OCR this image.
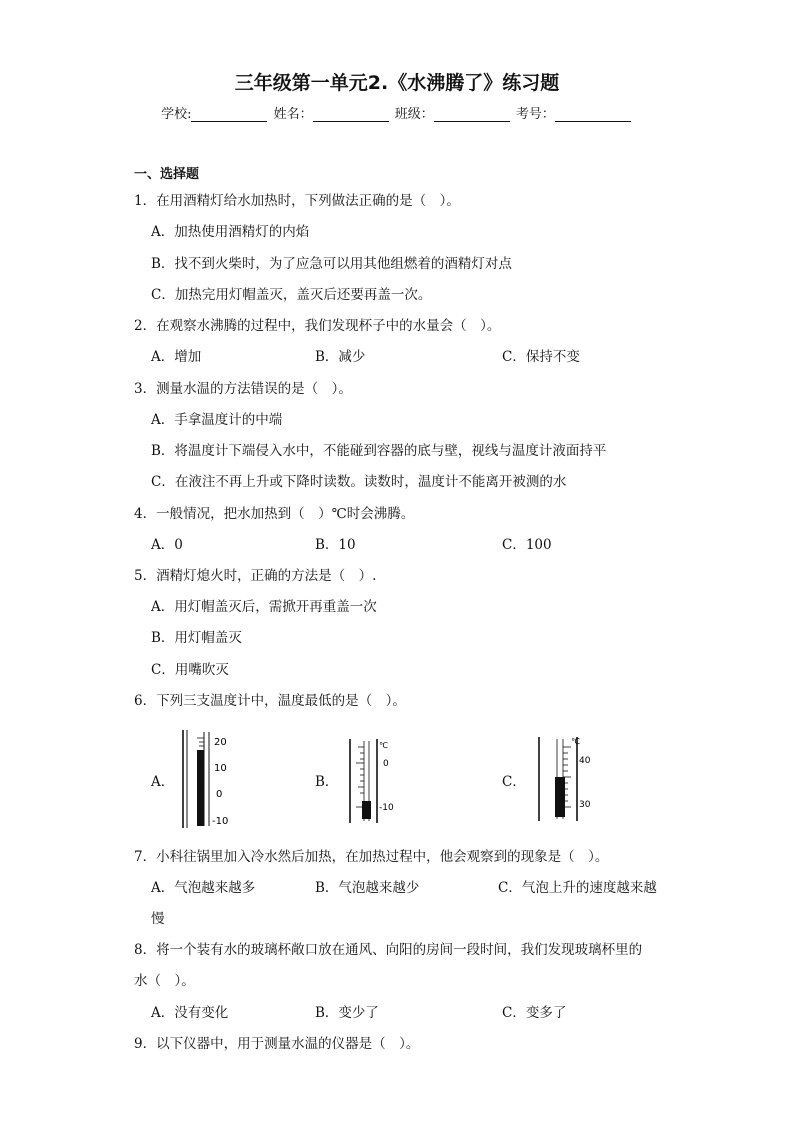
三年级第一单元2.《水沸腾了》练习题
学校:	姓名：	班级：	考号：
一、选择题
1．在用酒精灯给水加热时，下列做法正确的是（　）。
A．加热使用酒精灯的内焰
B．找不到火柴时，为了应急可以用其他组燃着的酒精灯对点
C．加热完用灯帽盖灭，盖灭后还要再盖一次。
2．在观察水沸腾的过程中，我们发现杯子中的水量会（　）。
A．增加	B．减少	C．保持不变
3．测量水温的方法错误的是（　）。
A．手拿温度计的中端
B．将温度计下端侵入水中，不能碰到容器的底与壁，视线与温度计液面持平
C．在液注不再上升或下降时读数。读数时，温度计不能离开被测的水
4．一般情况，把水加热到（　）℃时会沸腾。
A．0	B．10	C．100
5．酒精灯熄火时，正确的方法是（　）.
A．用灯帽盖灭后，需掀开再重盖一次
B．用灯帽盖灭
C．用嘴吹灭
6．下列三支温度计中，温度最低的是（　）。
A．
20
10
0
-10
B．
℃
0
-10
C．
℃
40
30
7．小科往锅里加入冷水然后加热，在加热过程中，他会观察到的现象是（　）。
A．气泡越来越多	B．气泡越来越少	C．气泡上升的速度越来越
慢
8．将一个装有水的玻璃杯敞口放在通风、向阳的房间一段时间，我们发现玻璃杯里的
水（　）。
A．没有变化	B．变少了	C．变多了
9．以下仪器中，用于测量水温的仪器是（　）。
